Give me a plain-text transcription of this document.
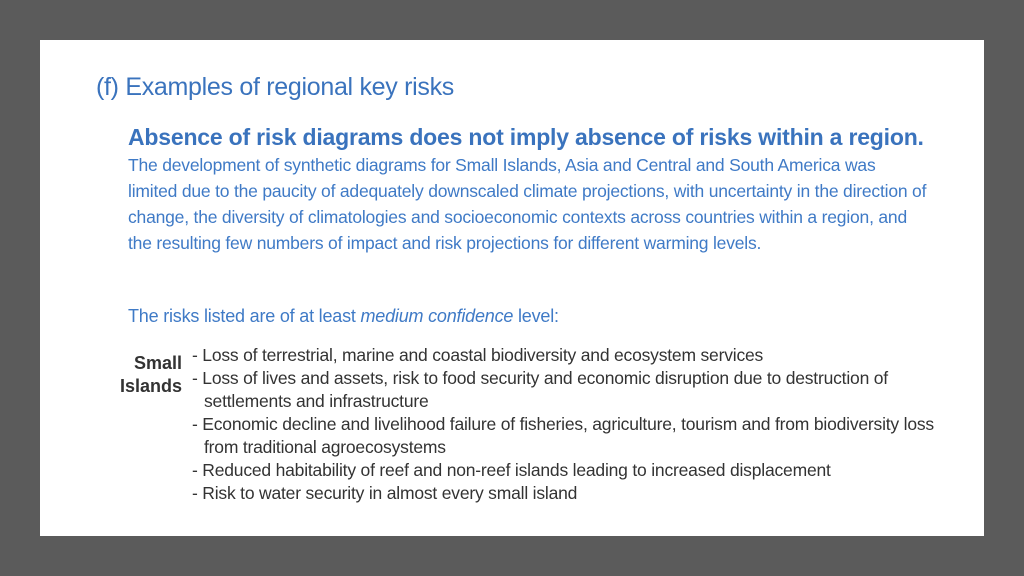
(f) Examples of regional key risks
Absence of risk diagrams does not imply absence of risks within a region. The development of synthetic diagrams for Small Islands, Asia and Central and South America was limited due to the paucity of adequately downscaled climate projections, with uncertainty in the direction of change, the diversity of climatologies and socioeconomic contexts across countries within a region, and the resulting few numbers of impact and risk projections for different warming levels.
The risks listed are of at least medium confidence level:
Small
Islands
- Loss of terrestrial, marine and coastal biodiversity and ecosystem services
- Loss of lives and assets, risk to food security and economic disruption due to destruction of settlements and infrastructure
- Economic decline and livelihood failure of fisheries, agriculture, tourism and from biodiversity loss from traditional agroecosystems
- Reduced habitability of reef and non-reef islands leading to increased displacement
- Risk to water security in almost every small island
